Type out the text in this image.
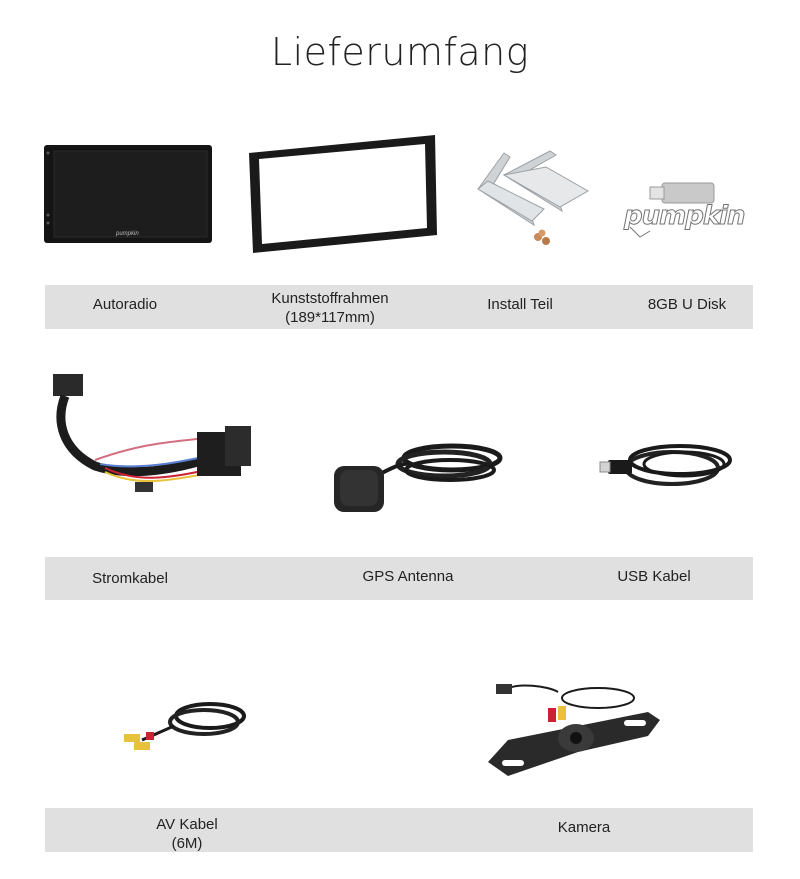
Lieferumfang
pumpkin
pumpkin
Autoradio	Kunststoffrahmen
(189*117mm)
Install Teil	8GB U Disk
Stromkabel	GPS Antenna	USB Kabel
AV Kabel
(6M)
Kamera
